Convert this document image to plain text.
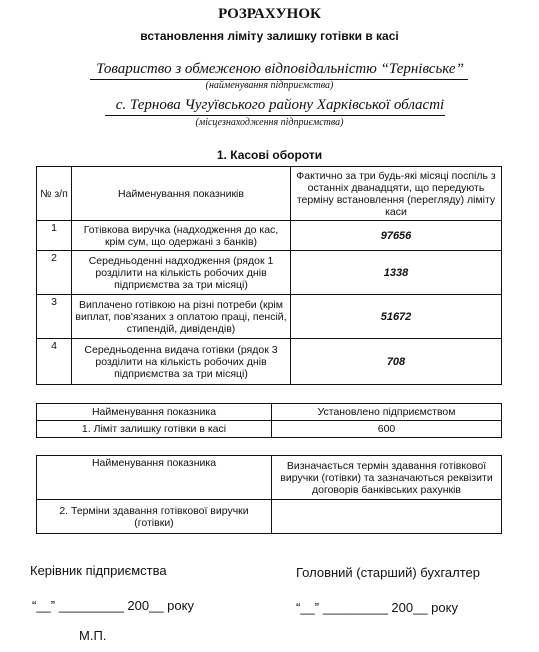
РОЗРАХУНОК
встановлення ліміту залишку готівки в касі
Товариство з обмеженою відповідальністю “Тернівське”
(найменування підприємства)
с. Тернова Чугуївського району Харківської області
(місцезнаходження підприємства)
1. Касові обороти
№ з/п	Найменування показників	Фактично за три будь-які місяці поспіль з останніх дванадцяти, що передують терміну встановлення (перегляду) ліміту каси
1	Готівкова виручка (надходження до кас, крім сум, що одержані з банків)	97656
2	Середньоденні надходження (рядок 1 розділити на кількість робочих днів підприємства за три місяці)	1338
3	Виплачено готівкою на різні потреби (крім виплат, пов'язаних з оплатою праці, пенсій, стипендій, дивідендів)	51672
4	Середньоденна видача готівки (рядок 3 розділити на кількість робочих днів підприємства за три місяці)	708
Найменування показника	Установлено підприємством
1. Ліміт залишку готівки в касі	600
Найменування показника	Визначається термін здавання готівкової виручки (готівки) та зазначаються реквізити договорів банківських рахунків
2. Терміни здавання готівкової виручки (готівки)	
Керівник підприємства	Головний (старший) бухгалтер
“__” _________ 200__ року	“__” _________ 200__ року
М.П.
